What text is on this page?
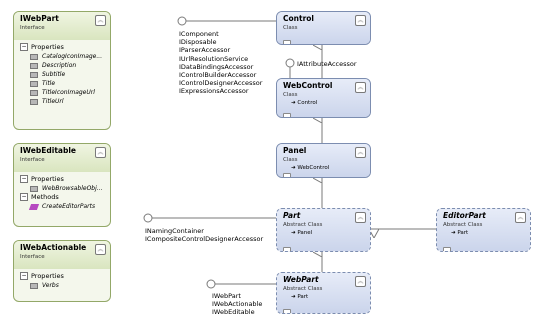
IWebPart
Interface
︽
− Properties
CatalogIconImage...
Description
Subtitle
Title
TitleIconImageUrl
TitleUrl
IWebEditable
Interface
︽
− Properties
WebBrowsableObj...
− Methods
CreateEditorParts
IWebActionable
Interface
︽
− Properties
Verbs
Control
Class
︽
WebControl
Class
➜ Control
︽
Panel
Class
➜ WebControl
︽
Part
Abstract Class
➜ Panel
︽	EditorPart
Abstract Class
➜ Part
︽
WebPart
Abstract Class
➜ Part
︽
IComponent
IDisposable
IParserAccessor
IUrlResolutionService
IDataBindingsAccessor
IControlBuilderAccessor
IControlDesignerAccessor
IExpressionsAccessor
IAttributeAccessor
INamingContainer
ICompositeControlDesignerAccessor
IWebPart
IWebActionable
IWebEditable
